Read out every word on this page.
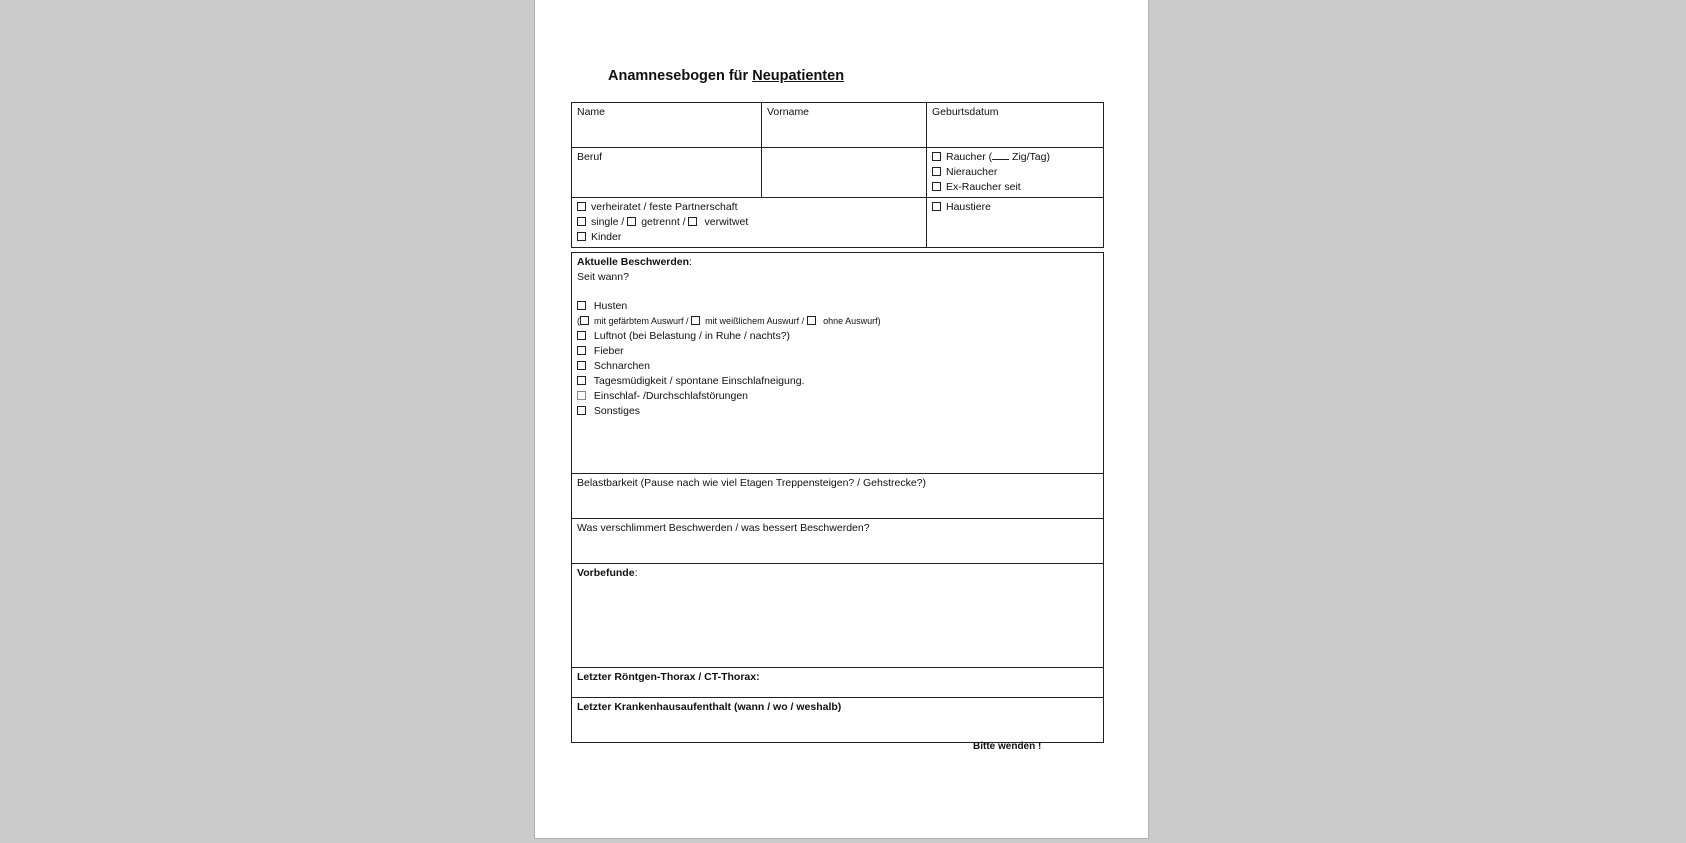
Anamnesebogen für Neupatienten
Name	Vorname	Geburtsdatum

Beruf		Raucher ( Zig/Tag)
Nieraucher
Ex-Raucher seit

verheiratet / feste Partnerschaft
single / getrennt / verwitwet
Kinder		Haustiere
Aktuelle Beschwerden:
Seit wann?
Husten
( mit gefärbtem Auswurf / mit weißlichem Auswurf / ohne Auswurf)
Luftnot (bei Belastung / in Ruhe / nachts?)
Fieber
Schnarchen
Tagesmüdigkeit / spontane Einschlafneigung.
Einschlaf- /Durchschlafstörungen
Sonstiges

Belastbarkeit (Pause nach wie viel Etagen Treppensteigen? / Gehstrecke?)

Was verschlimmert Beschwerden / was bessert Beschwerden?

Vorbefunde:

Letzter Röntgen-Thorax / CT-Thorax:

Letzter Krankenhausaufenthalt (wann / wo / weshalb)
Bitte wenden !
